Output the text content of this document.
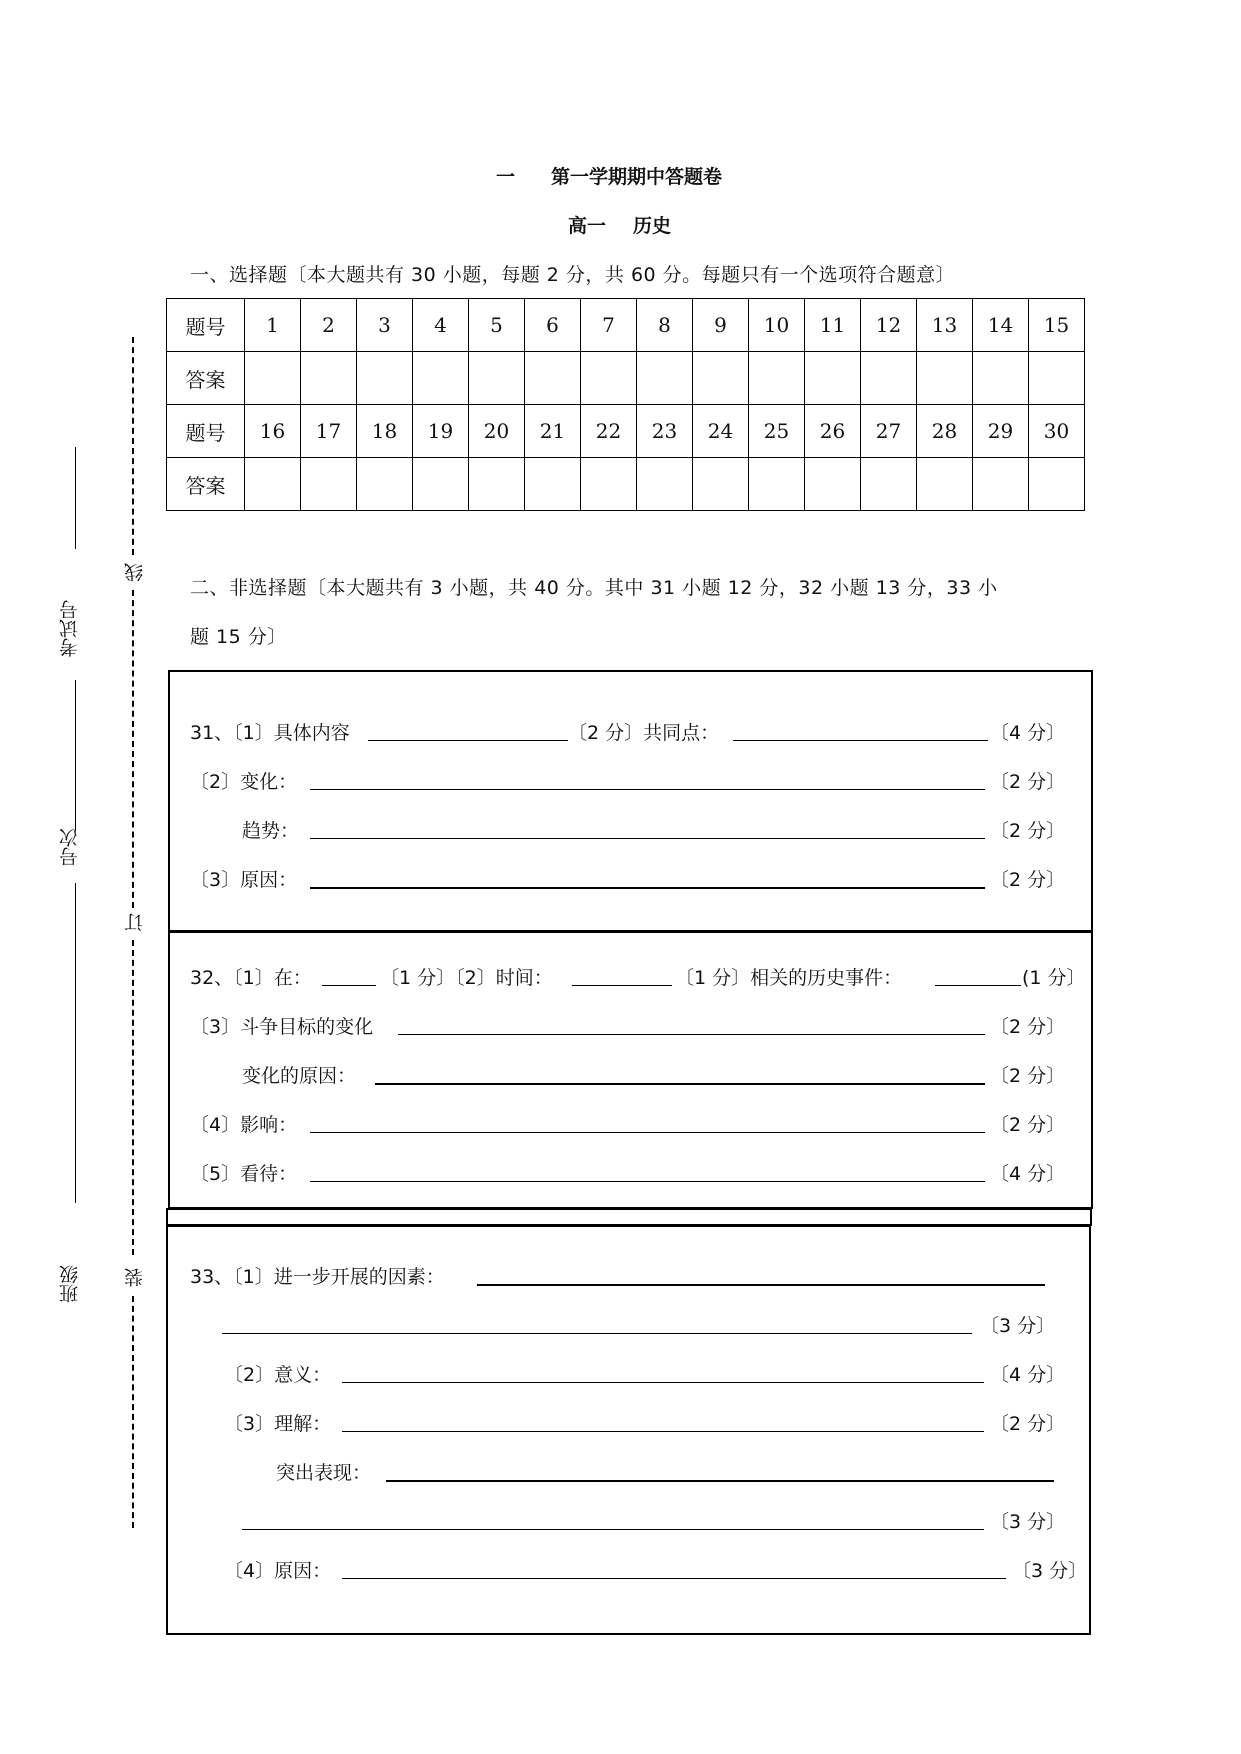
一 第一学期期中答题卷
高一 历史
一、选择题〔本大题共有 30 小题，每题 2 分，共 60 分。每题只有一个选项符合题意〕
题号	1	2	3	4	5	6	7	8	9	10	11	12	13	14	15
答案															
题号	16	17	18	19	20	21	22	23	24	25	26	27	28	29	30
答案															
二、非选择题〔本大题共有 3 小题，共 40 分。其中 31 小题 12 分，32 小题 13 分，33 小
题 15 分〕
31、〔1〕具体内容	〔2 分〕共同点：	〔4 分〕
〔2〕变化：	〔2 分〕
趋势：	〔2 分〕
〔3〕原因：	〔2 分〕
32、〔1〕在：	〔1 分〕〔2〕时间：	〔1 分〕相关的历史事件：	(1 分〕
〔3〕斗争目标的变化	〔2 分〕
变化的原因：	〔2 分〕
〔4〕影响：	〔2 分〕
〔5〕看待：	〔4 分〕
33、〔1〕进一步开展的因素：
〔3 分〕
〔2〕意义：	〔4 分〕
〔3〕理解：	〔2 分〕
突出表现：
〔3 分〕
〔4〕原因：	〔3 分〕
考试号
号次
班级
线
订
装
